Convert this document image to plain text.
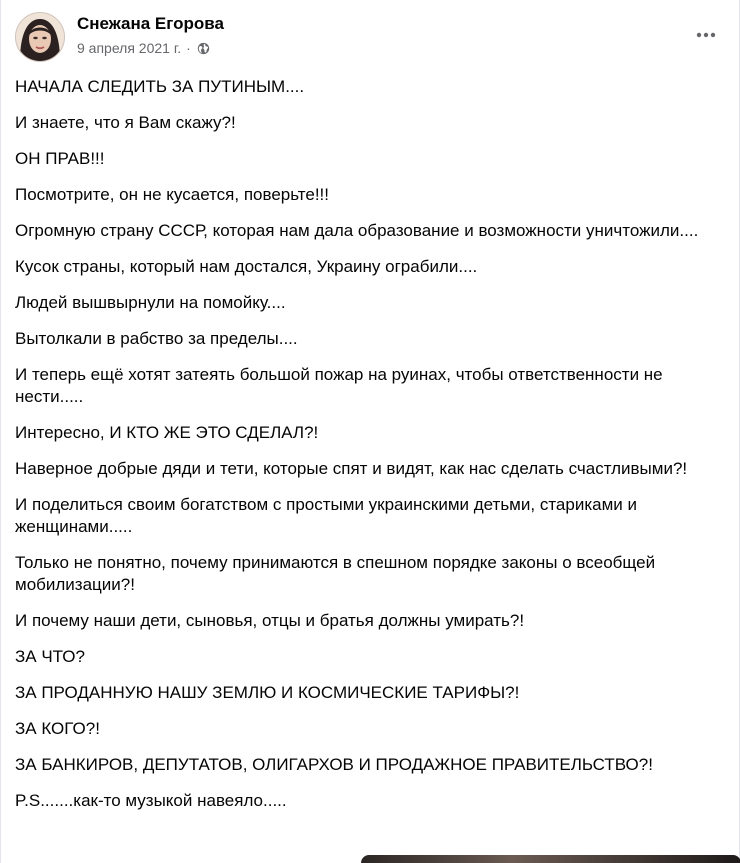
Снежана Егорова
9 апреля 2021 г. ·

НАЧАЛА СЛЕДИТЬ ЗА ПУТИНЫМ....

И знаете, что я Вам скажу?!

ОН ПРАВ!!!

Посмотрите, он не кусается, поверьте!!!

Огромную страну СССР, которая нам дала образование и возможности уничтожили....

Кусок страны, который нам достался, Украину ограбили....

Людей вышвырнули на помойку....

Вытолкали в рабство за пределы....

И теперь ещё хотят затеять большой пожар на руинах, чтобы ответственности не нести.....

Интересно, И КТО ЖЕ ЭТО СДЕЛАЛ?!

Наверное добрые дяди и тети, которые спят и видят, как нас сделать счастливыми?!

И поделиться своим богатством с простыми украинскими детьми, стариками и женщинами.....

Только не понятно, почему принимаются в спешном порядке законы о всеобщей мобилизации?!

И почему наши дети, сыновья, отцы и братья должны умирать?!

ЗА ЧТО?

ЗА ПРОДАННУЮ НАШУ ЗЕМЛЮ И КОСМИЧЕСКИЕ ТАРИФЫ?!

ЗА КОГО?!

ЗА БАНКИРОВ, ДЕПУТАТОВ, ОЛИГАРХОВ И ПРОДАЖНОЕ ПРАВИТЕЛЬСТВО?!

P.S.......как-то музыкой навеяло.....
